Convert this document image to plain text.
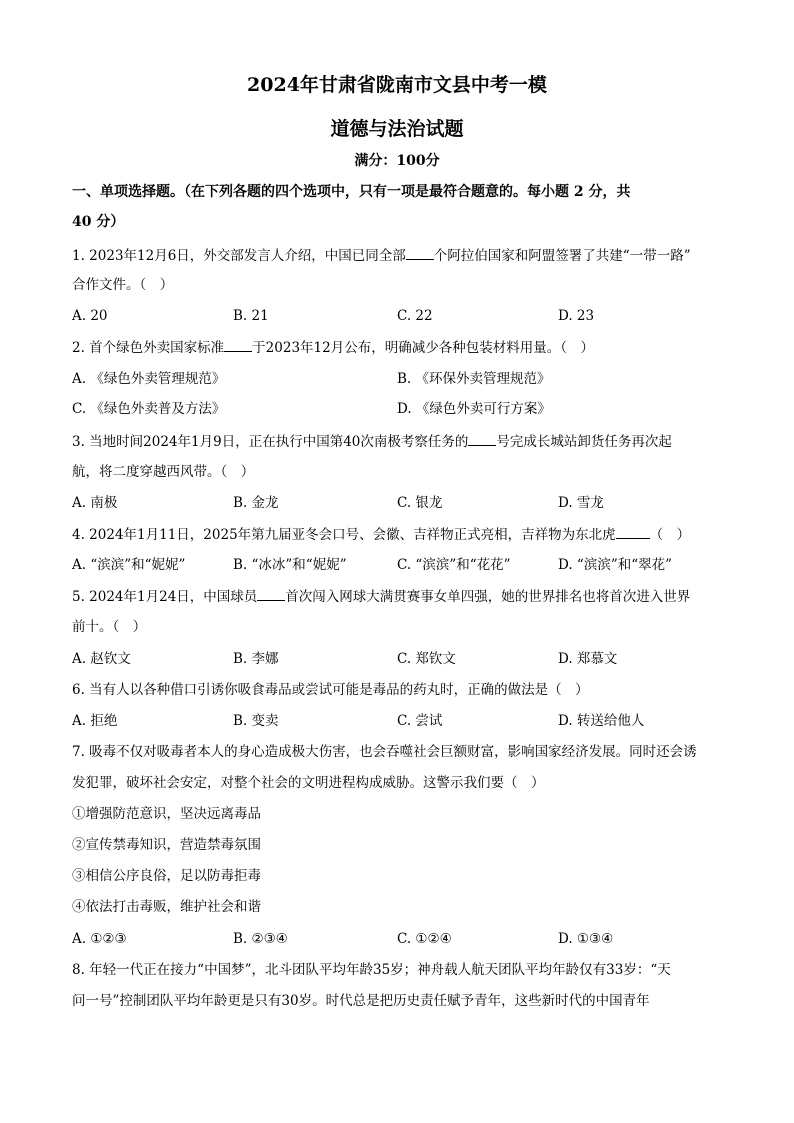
2024年甘肃省陇南市文县中考一模
道德与法治试题
满分：100分
一、单项选择题。（在下列各题的四个选项中，只有一项是最符合题意的。每小题 2 分，共
40 分）
1. 2023年12月6日，外交部发言人介绍，中国已同全部 个阿拉伯国家和阿盟签署了共建“一带一路”
合作文件。（　）
A. 20	B. 21	C. 22	D. 23
2. 首个绿色外卖国家标准 于2023年12月公布，明确减少各种包装材料用量。（　）
A. 《绿色外卖管理规范》	B. 《环保外卖管理规范》
C. 《绿色外卖普及方法》	D. 《绿色外卖可行方案》
3. 当地时间2024年1月9日，正在执行中国第40次南极考察任务的 号完成长城站卸货任务再次起
航，将二度穿越西风带。（　）
A. 南极	B. 金龙	C. 银龙	D. 雪龙
4. 2024年1月11日，2025年第九届亚冬会口号、会徽、吉祥物正式亮相，吉祥物为东北虎	（　）
A. “滨滨”和“妮妮”	B. “冰冰”和“妮妮”	C. “滨滨”和“花花”	D. “滨滨”和“翠花”
5. 2024年1月24日，中国球员 首次闯入网球大满贯赛事女单四强，她的世界排名也将首次进入世界
前十。（　）
A. 赵钦文	B. 李娜	C. 郑钦文	D. 郑慕文
6. 当有人以各种借口引诱你吸食毒品或尝试可能是毒品的药丸时，正确的做法是（　）
A. 拒绝	B. 变卖	C. 尝试	D. 转送给他人
7. 吸毒不仅对吸毒者本人的身心造成极大伤害，也会吞噬社会巨额财富，影响国家经济发展。同时还会诱
发犯罪，破坏社会安定，对整个社会的文明进程构成威胁。这警示我们要（　）
①增强防范意识，坚决远离毒品
②宣传禁毒知识，营造禁毒氛围
③相信公序良俗，足以防毒拒毒
④依法打击毒贩，维护社会和谐
A. ①②③	B. ②③④	C. ①②④	D. ①③④
8. 年轻一代正在接力“中国梦”，北斗团队平均年龄35岁；神舟载人航天团队平均年龄仅有33岁：“天
问一号”控制团队平均年龄更是只有30岁。时代总是把历史责任赋予青年，这些新时代的中国青年
